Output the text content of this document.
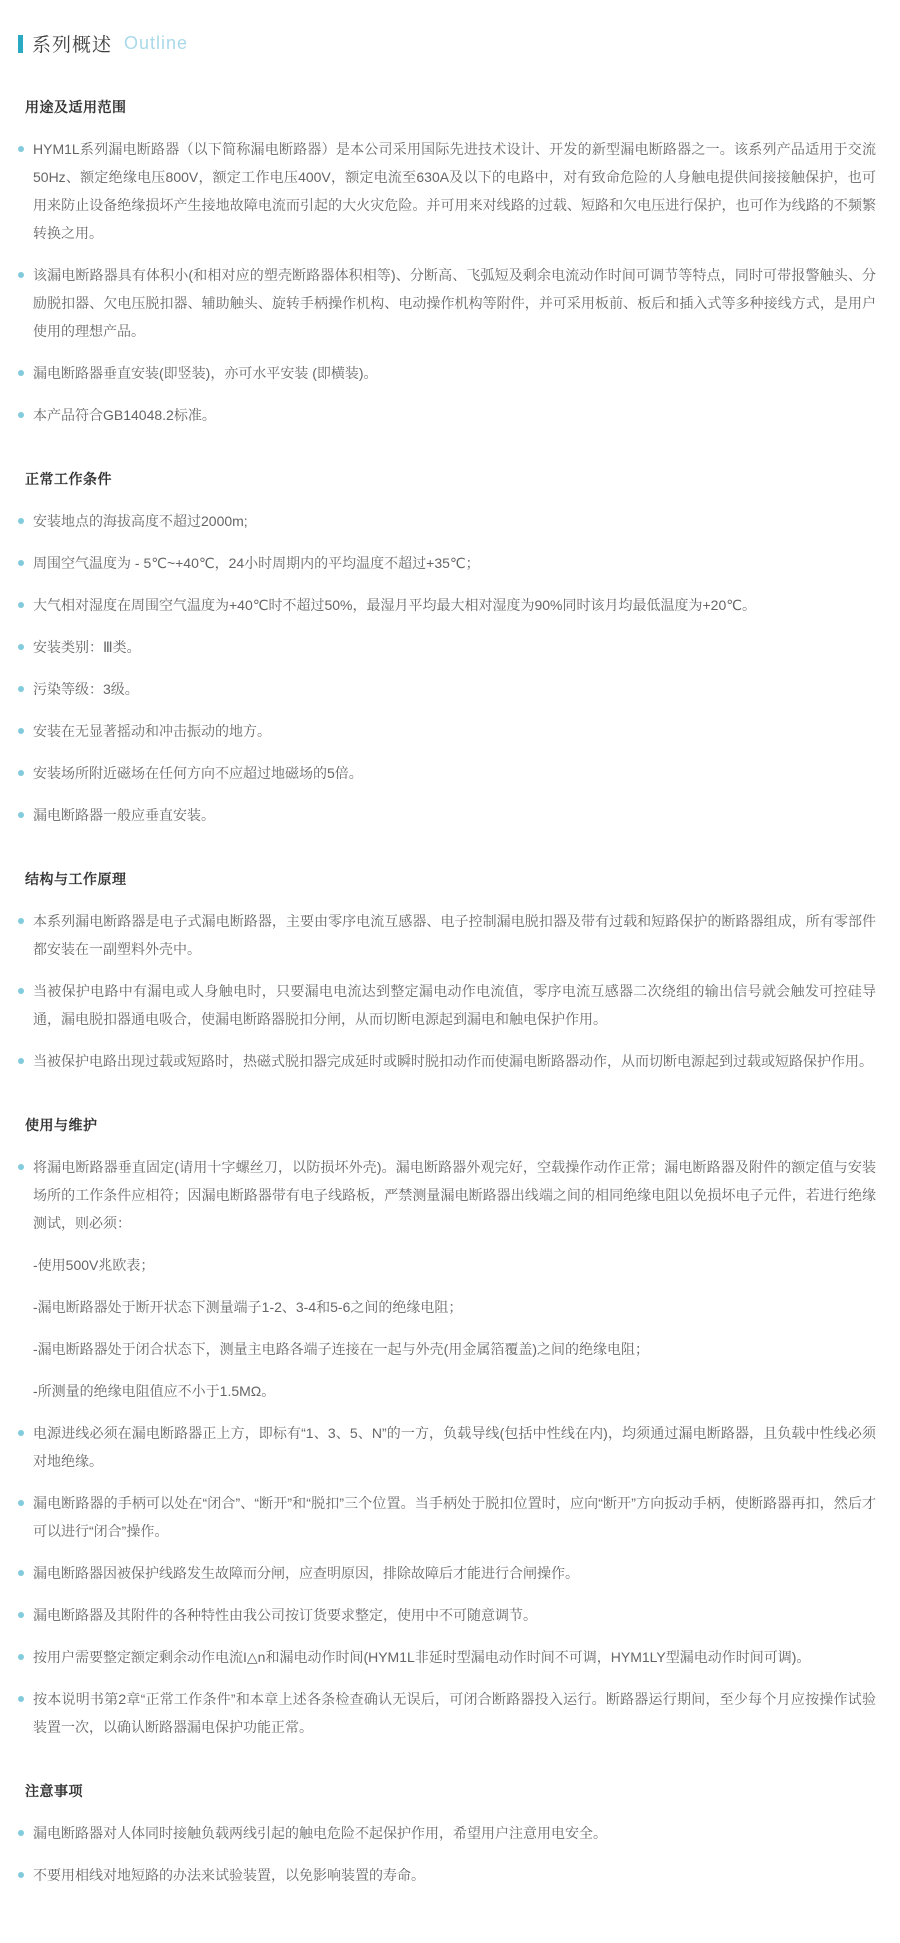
系列概述 Outline
用途及适用范围
HYM1L系列漏电断路器（以下简称漏电断路器）是本公司采用国际先进技术设计、开发的新型漏电断路器之一。该系列产品适用于交流50Hz、额定绝缘电压800V，额定工作电压400V，额定电流至630A及以下的电路中，对有致命危险的人身触电提供间接接触保护，也可用来防止设备绝缘损坏产生接地故障电流而引起的大火灾危险。并可用来对线路的过载、短路和欠电压进行保护，也可作为线路的不频繁转换之用。
该漏电断路器具有体积小(和相对应的塑壳断路器体积相等)、分断高、飞弧短及剩余电流动作时间可调节等特点，同时可带报警触头、分励脱扣器、欠电压脱扣器、辅助触头、旋转手柄操作机构、电动操作机构等附件，并可采用板前、板后和插入式等多种接线方式，是用户使用的理想产品。
漏电断路器垂直安装(即竖装)，亦可水平安装 (即横装)。
本产品符合GB14048.2标准。
正常工作条件
安装地点的海拔高度不超过2000m;
周围空气温度为 - 5℃~+40℃，24小时周期内的平均温度不超过+35℃；
大气相对湿度在周围空气温度为+40℃时不超过50%，最湿月平均最大相对湿度为90%同时该月均最低温度为+20℃。
安装类别：Ⅲ类。
污染等级：3级。
安装在无显著摇动和冲击振动的地方。
安装场所附近磁场在任何方向不应超过地磁场的5倍。
漏电断路器一般应垂直安装。
结构与工作原理
本系列漏电断路器是电子式漏电断路器，主要由零序电流互感器、电子控制漏电脱扣器及带有过载和短路保护的断路器组成，所有零部件都安装在一副塑料外壳中。
当被保护电路中有漏电或人身触电时，只要漏电电流达到整定漏电动作电流值，零序电流互感器二次绕组的输出信号就会触发可控硅导通，漏电脱扣器通电吸合，使漏电断路器脱扣分闸，从而切断电源起到漏电和触电保护作用。
当被保护电路出现过载或短路时，热磁式脱扣器完成延时或瞬时脱扣动作而使漏电断路器动作，从而切断电源起到过载或短路保护作用。
使用与维护
将漏电断路器垂直固定(请用十字螺丝刀，以防损坏外壳)。漏电断路器外观完好，空载操作动作正常；漏电断路器及附件的额定值与安装场所的工作条件应相符；因漏电断路器带有电子线路板，严禁测量漏电断路器出线端之间的相同绝缘电阻以免损坏电子元件，若进行绝缘测试，则必须：
-使用500V兆欧表；
-漏电断路器处于断开状态下测量端子1-2、3-4和5-6之间的绝缘电阻；
-漏电断路器处于闭合状态下，测量主电路各端子连接在一起与外壳(用金属箔覆盖)之间的绝缘电阻；
-所测量的绝缘电阻值应不小于1.5MΩ。
电源进线必须在漏电断路器正上方，即标有“1、3、5、N”的一方，负载导线(包括中性线在内)，均须通过漏电断路器，且负载中性线必须对地绝缘。
漏电断路器的手柄可以处在“闭合”、“断开”和“脱扣”三个位置。当手柄处于脱扣位置时，应向“断开”方向扳动手柄，使断路器再扣，然后才可以进行“闭合”操作。
漏电断路器因被保护线路发生故障而分闸，应查明原因，排除故障后才能进行合闸操作。
漏电断路器及其附件的各种特性由我公司按订货要求整定，使用中不可随意调节。
按用户需要整定额定剩余动作电流I△n和漏电动作时间(HYM1L非延时型漏电动作时间不可调，HYM1LY型漏电动作时间可调)。
按本说明书第2章“正常工作条件”和本章上述各条检查确认无误后，可闭合断路器投入运行。断路器运行期间，至少每个月应按操作试验装置一次，以确认断路器漏电保护功能正常。
注意事项
漏电断路器对人体同时接触负载两线引起的触电危险不起保护作用，希望用户注意用电安全。
不要用相线对地短路的办法来试验装置，以免影响装置的寿命。
